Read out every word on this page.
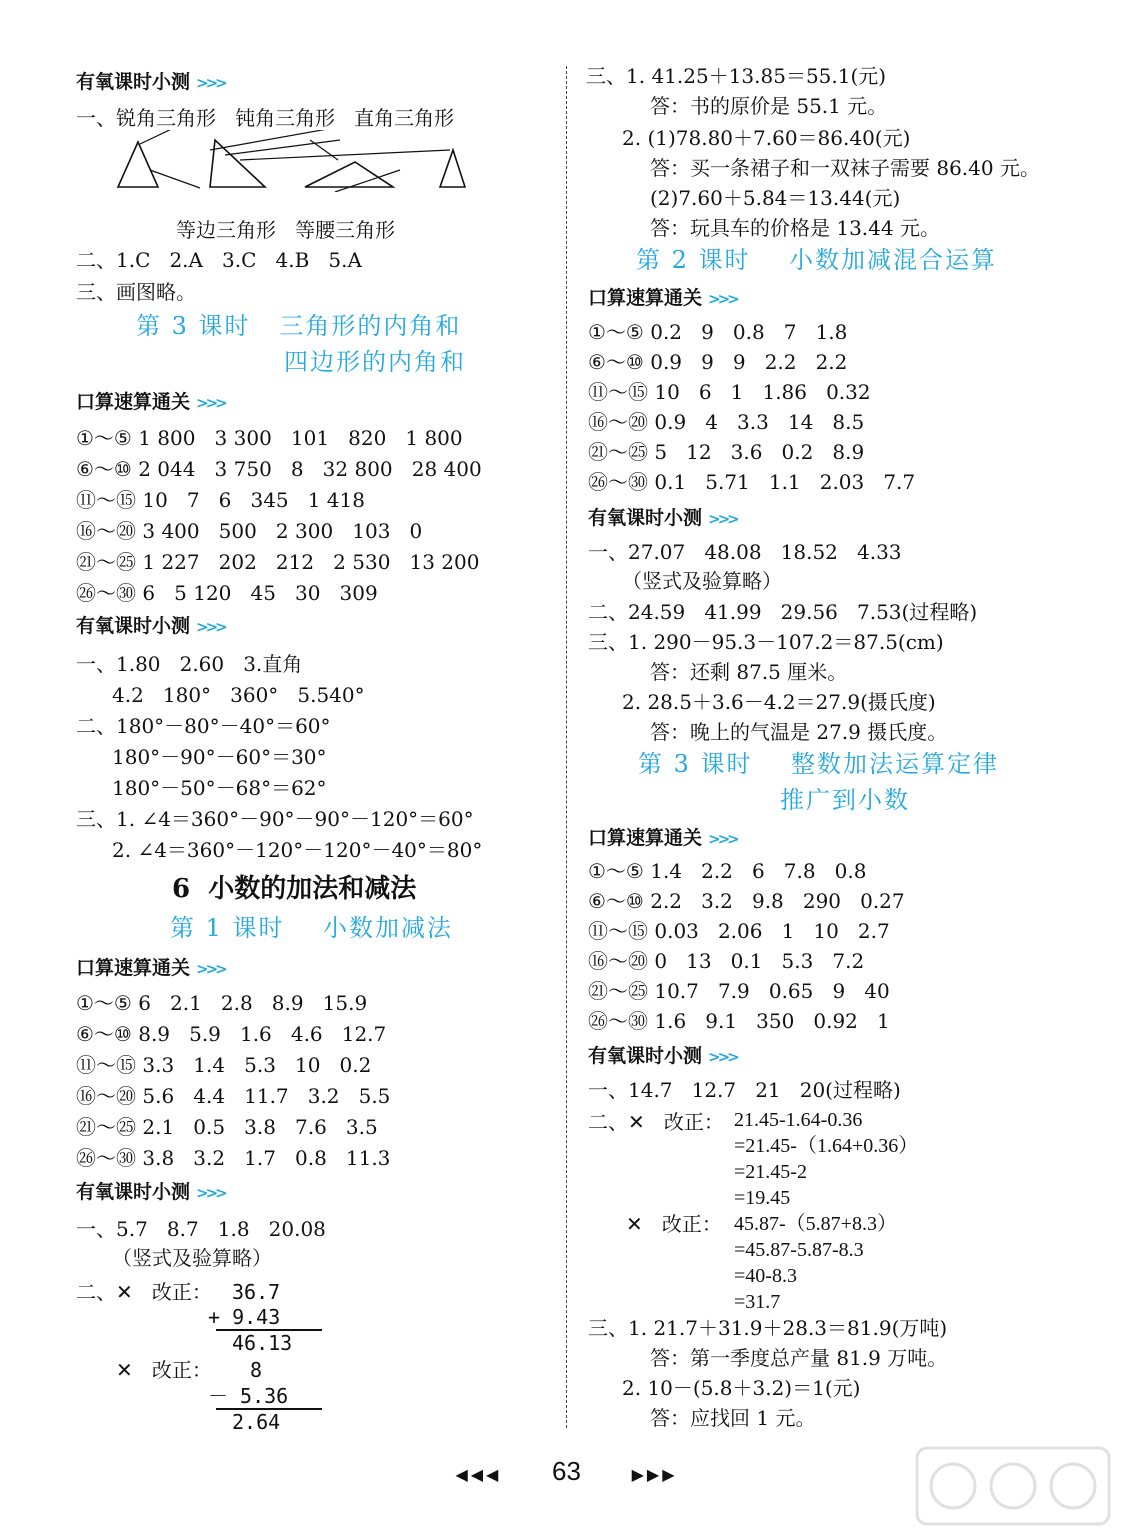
有氧课时小测 >>>
一、锐角三角形   钝角三角形   直角三角形
等边三角形   等腰三角形
二、1.C   2.A   3.C   4.B   5.A
三、画图略。
第 3 课时   三角形的内角和
四边形的内角和
口算速算通关 >>>
①～⑤ 1 800   3 300   101   820   1 800
⑥～⑩ 2 044   3 750   8   32 800   28 400
⑪～⑮ 10   7   6   345   1 418
⑯～⑳ 3 400   500   2 300   103   0
㉑～㉕ 1 227   202   212   2 530   13 200
㉖～㉚ 6   5 120   45   30   309
有氧课时小测 >>>
一、1.80   2.60   3.直角
4.2   180°   360°   5.540°
二、180°－80°－40°＝60°
180°－90°－60°＝30°
180°－50°－68°＝62°
三、1. ∠4＝360°－90°－90°－120°＝60°
2. ∠4＝360°－120°－120°－40°＝80°
6  小数的加法和减法
第 1 课时    小数加减法
口算速算通关 >>>
①～⑤ 6   2.1   2.8   8.9   15.9
⑥～⑩ 8.9   5.9   1.6   4.6   12.7
⑪～⑮ 3.3   1.4   5.3   10   0.2
⑯～⑳ 5.6   4.4   11.7   3.2   5.5
㉑～㉕ 2.1   0.5   3.8   7.6   3.5
㉖～㉚ 3.8   3.2   1.7   0.8   11.3
有氧课时小测 >>>
一、5.7   8.7   1.8   20.08
（竖式及验算略）
二、✕   改正： 36.7
+ 9.43
46.13
✕   改正： 8
－ 5.36
2.64
三、1. 41.25＋13.85＝55.1(元)
答：书的原价是 55.1 元。
2. (1)78.80＋7.60＝86.40(元)
答：买一条裙子和一双袜子需要 86.40 元。
(2)7.60＋5.84＝13.44(元)
答：玩具车的价格是 13.44 元。
第 2 课时    小数加减混合运算
口算速算通关 >>>
①～⑤ 0.2   9   0.8   7   1.8
⑥～⑩ 0.9   9   9   2.2   2.2
⑪～⑮ 10   6   1   1.86   0.32
⑯～⑳ 0.9   4   3.3   14   8.5
㉑～㉕ 5   12   3.6   0.2   8.9
㉖～㉚ 0.1   5.71   1.1   2.03   7.7
有氧课时小测 >>>
一、27.07   48.08   18.52   4.33
（竖式及验算略）
二、24.59   41.99   29.56   7.53(过程略)
三、1. 290－95.3－107.2＝87.5(cm)
答：还剩 87.5 厘米。
2. 28.5＋3.6－4.2＝27.9(摄氏度)
答：晚上的气温是 27.9 摄氏度。
第 3 课时    整数加法运算定律
推广到小数
口算速算通关 >>>
①～⑤ 1.4   2.2   6   7.8   0.8
⑥～⑩ 2.2   3.2   9.8   290   0.27
⑪～⑮ 0.03   2.06   1   10   2.7
⑯～⑳ 0   13   0.1   5.3   7.2
㉑～㉕ 10.7   7.9   0.65   9   40
㉖～㉚ 1.6   9.1   350   0.92   1
有氧课时小测 >>>
一、14.7   12.7   21   20(过程略)
二、✕   改正： 21.45-1.64-0.36
=21.45-（1.64+0.36）
=21.45-2
=19.45
✕   改正： 45.87-（5.87+8.3）
=45.87-5.87-8.3
=40-8.3
=31.7
三、1. 21.7＋31.9＋28.3＝81.9(万吨)
答：第一季度总产量 81.9 万吨。
2. 10－(5.8＋3.2)＝1(元)
答：应找回 1 元。
◀◀◀ 63	▶▶▶
